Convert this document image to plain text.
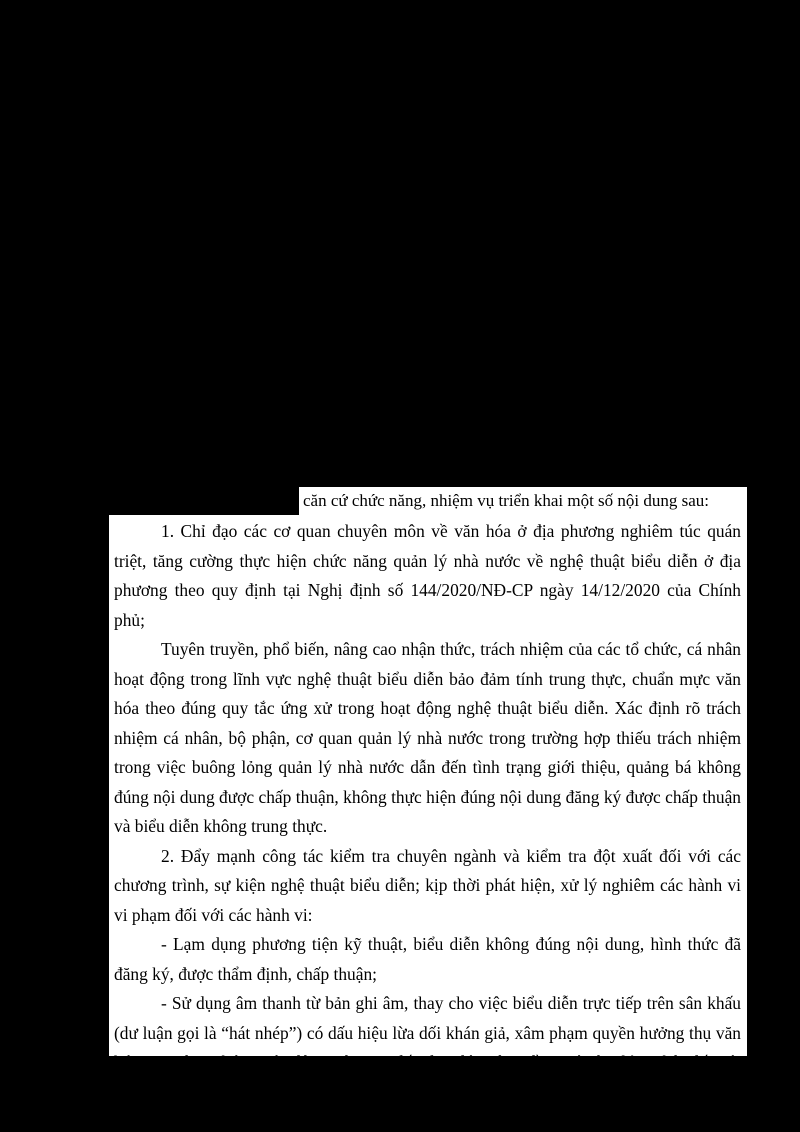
căn cứ chức năng, nhiệm vụ triển khai một số nội dung sau:

1. Chỉ đạo các cơ quan chuyên môn về văn hóa ở địa phương nghiêm túc quán triệt, tăng cường thực hiện chức năng quản lý nhà nước về nghệ thuật biểu diễn ở địa phương theo quy định tại Nghị định số 144/2020/NĐ-CP ngày 14/12/2020 của Chính phủ;

Tuyên truyền, phổ biến, nâng cao nhận thức, trách nhiệm của các tổ chức, cá nhân hoạt động trong lĩnh vực nghệ thuật biểu diễn bảo đảm tính trung thực, chuẩn mực văn hóa theo đúng quy tắc ứng xử trong hoạt động nghệ thuật biểu diễn. Xác định rõ trách nhiệm cá nhân, bộ phận, cơ quan quản lý nhà nước trong trường hợp thiếu trách nhiệm trong việc buông lỏng quản lý nhà nước dẫn đến tình trạng giới thiệu, quảng bá không đúng nội dung được chấp thuận, không thực hiện đúng nội dung đăng ký được chấp thuận và biểu diễn không trung thực.

2. Đẩy mạnh công tác kiểm tra chuyên ngành và kiểm tra đột xuất đối với các chương trình, sự kiện nghệ thuật biểu diễn; kịp thời phát hiện, xử lý nghiêm các hành vi vi phạm đối với các hành vi:

- Lạm dụng phương tiện kỹ thuật, biểu diễn không đúng nội dung, hình thức đã đăng ký, được thẩm định, chấp thuận;

- Sử dụng âm thanh từ bản ghi âm, thay cho việc biểu diễn trực tiếp trên sân khấu (dư luận gọi là “hát nhép”) có dấu hiệu lừa dối khán giả, xâm phạm quyền hưởng thụ văn hóa của công chúng, tác động tiêu cực đến đạo đức cộng đồng và tâm lý xã hội đối với hoạt động nghệ thuật biểu diễn.
